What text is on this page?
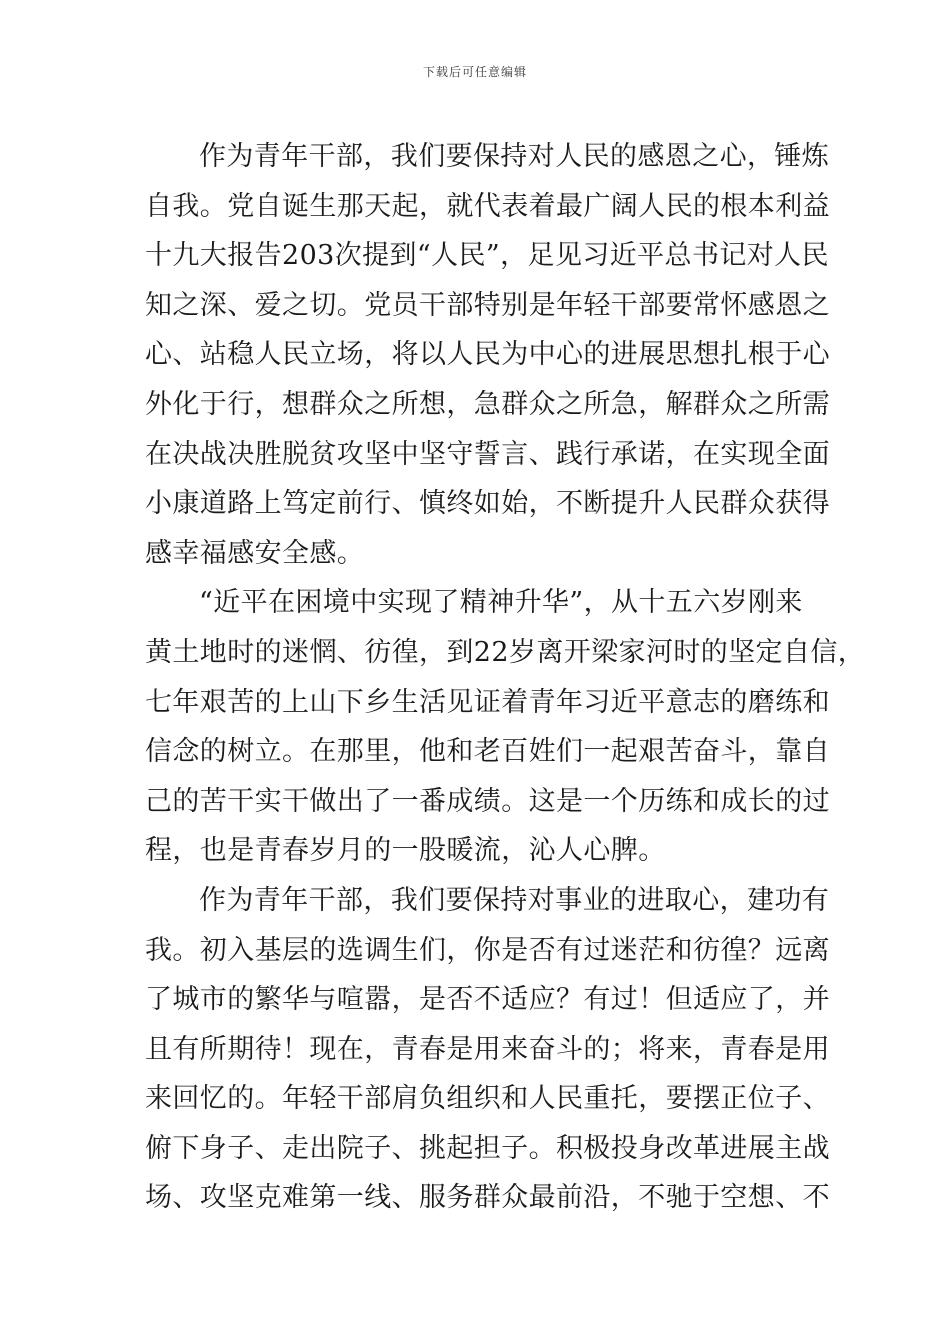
下载后可任意编辑
作为青年干部，我们要保持对人民的感恩之心，锤炼
自我。党自诞生那天起，就代表着最广阔人民的根本利益
十九大报告203次提到“人民”，足见习近平总书记对人民
知之深、爱之切。党员干部特别是年轻干部要常怀感恩之
心、站稳人民立场，将以人民为中心的进展思想扎根于心
外化于行，想群众之所想，急群众之所急，解群众之所需
在决战决胜脱贫攻坚中坚守誓言、践行承诺，在实现全面
小康道路上笃定前行、慎终如始，不断提升人民群众获得
感幸福感安全感。
“近平在困境中实现了精神升华”，从十五六岁刚来
黄土地时的迷惘、彷徨，到22岁离开梁家河时的坚定自信，
七年艰苦的上山下乡生活见证着青年习近平意志的磨练和
信念的树立。在那里，他和老百姓们一起艰苦奋斗，靠自
己的苦干实干做出了一番成绩。这是一个历练和成长的过
程，也是青春岁月的一股暖流，沁人心脾。
作为青年干部，我们要保持对事业的进取心，建功有
我。初入基层的选调生们，你是否有过迷茫和彷徨？远离
了城市的繁华与喧嚣，是否不适应？有过！但适应了，并
且有所期待！现在，青春是用来奋斗的；将来，青春是用
来回忆的。年轻干部肩负组织和人民重托，要摆正位子、
俯下身子、走出院子、挑起担子。积极投身改革进展主战
场、攻坚克难第一线、服务群众最前沿，不驰于空想、不
